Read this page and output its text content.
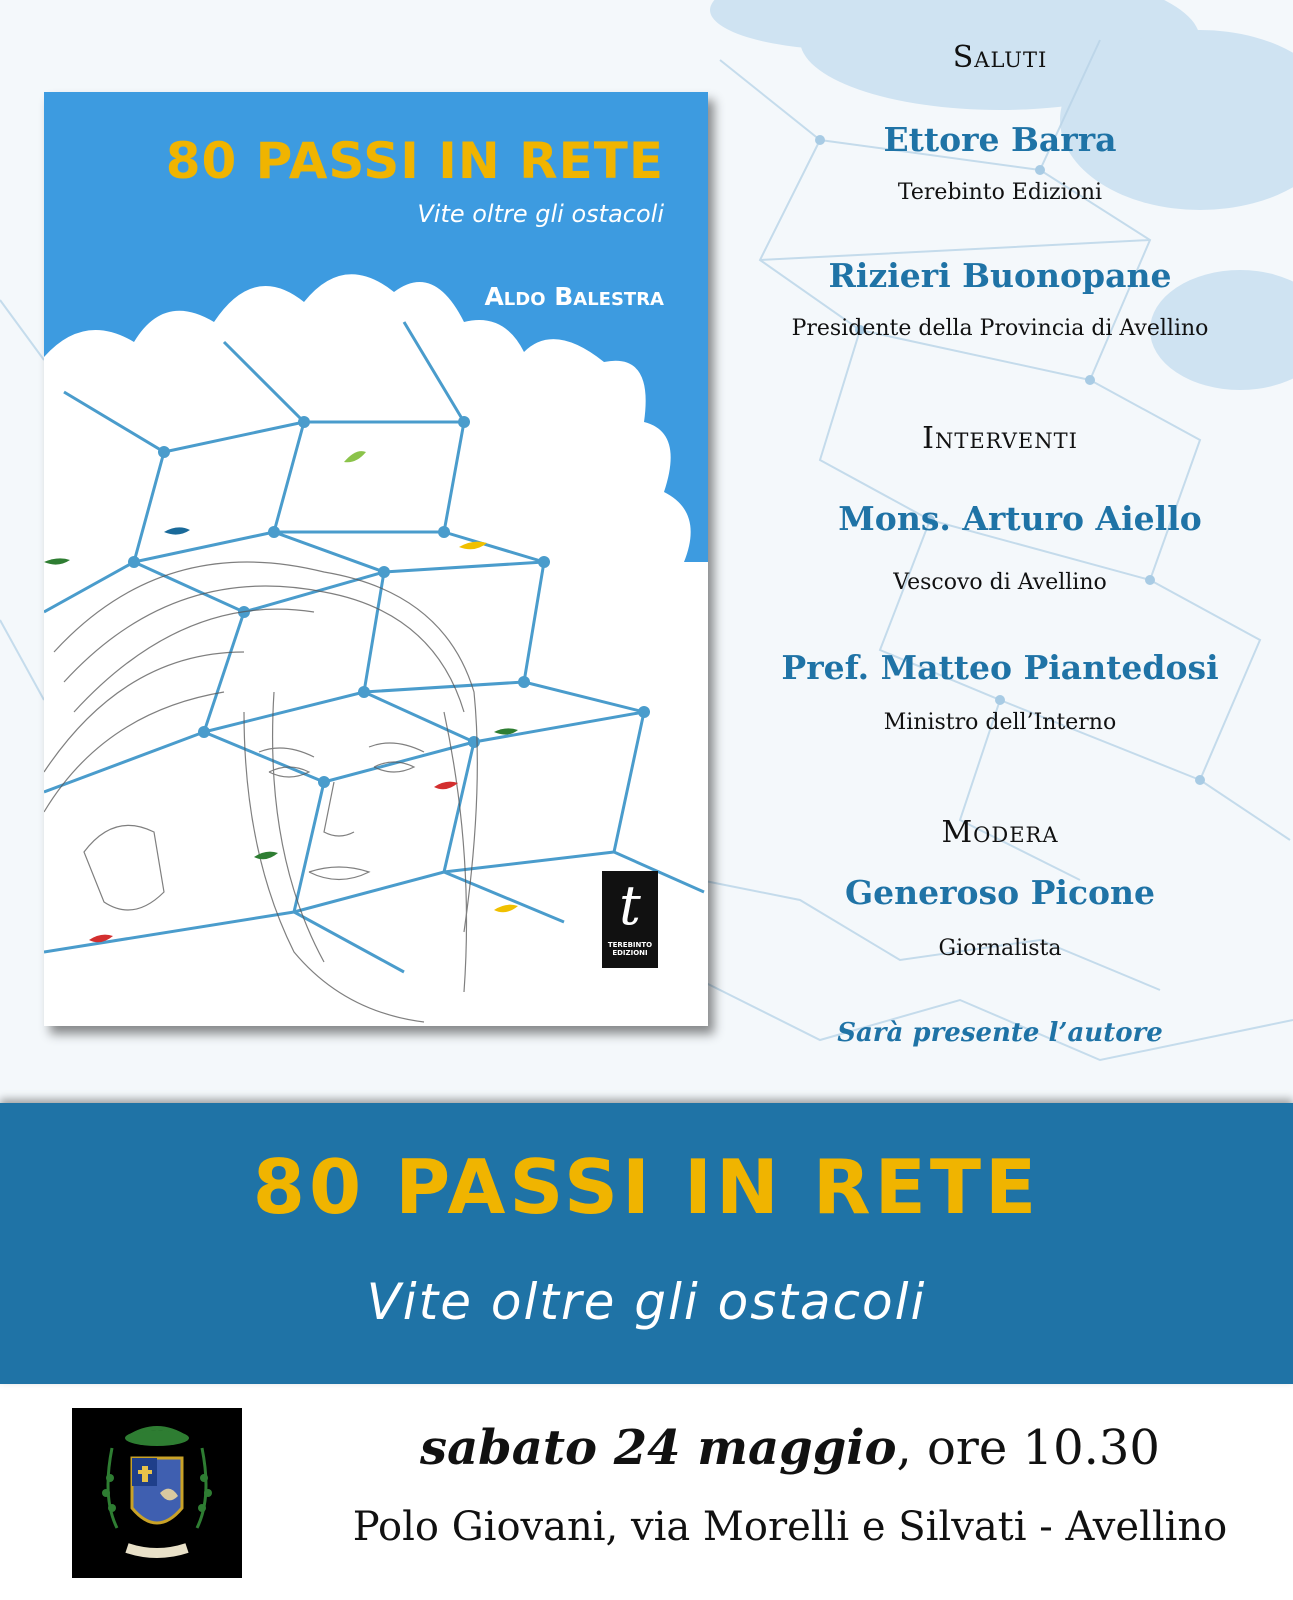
80 PASSI IN RETE
Vite oltre gli ostacoli
Aldo Balestra
t
TEREBINTO EDIZIONI
Saluti
Ettore Barra
Terebinto Edizioni
Rizieri Buonopane
Presidente della Provincia di Avellino
Interventi
Mons. Arturo Aiello
Vescovo di Avellino
Pref. Matteo Piantedosi
Ministro dell’Interno
Modera
Generoso Picone
Giornalista
Sarà presente l’autore
80 PASSI IN RETE
Vite oltre gli ostacoli
sabato 24 maggio, ore 10.30
Polo Giovani, via Morelli e Silvati - Avellino
